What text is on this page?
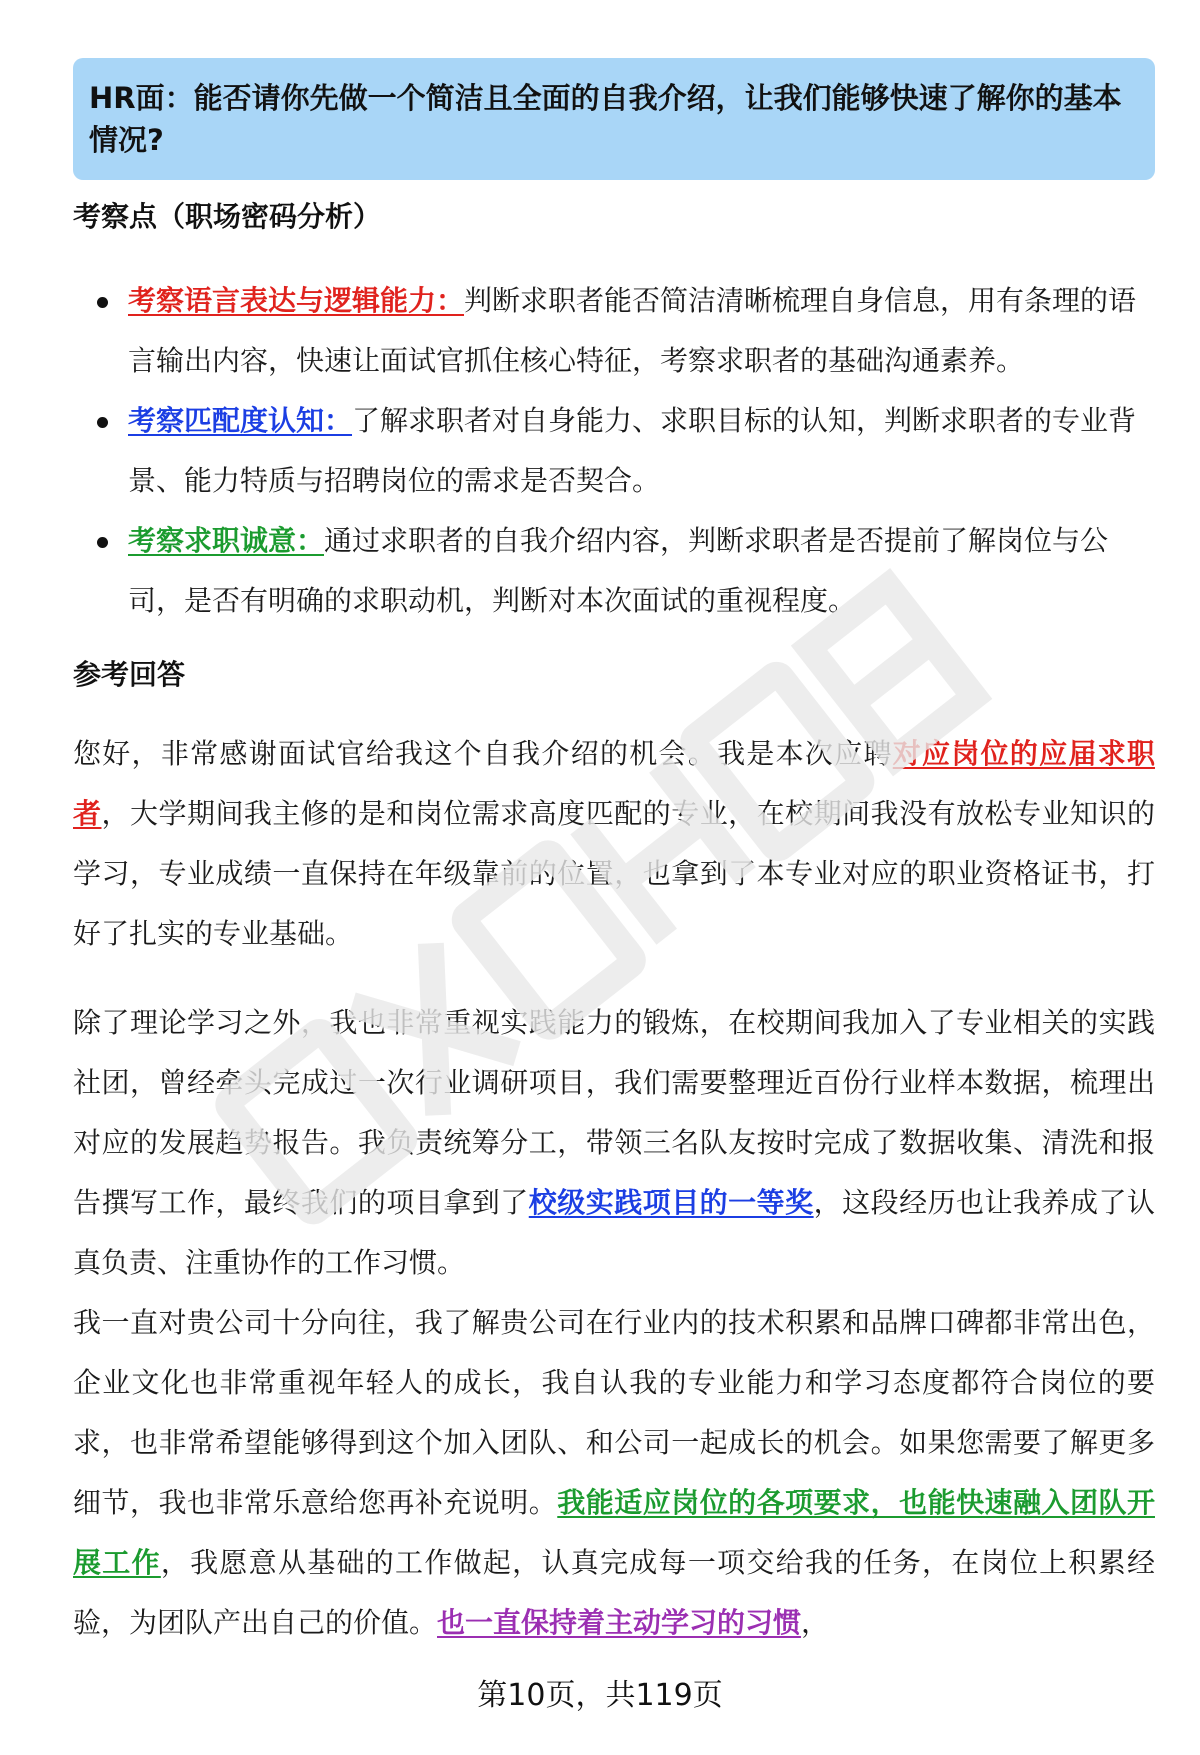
HR面：能否请你先做一个简洁且全面的自我介绍，让我们能够快速了解你的基本情况?
考察点（职场密码分析）
考察语言表达与逻辑能力：判断求职者能否简洁清晰梳理自身信息，用有条理的语言输出内容，快速让面试官抓住核心特征，考察求职者的基础沟通素养。
考察匹配度认知：了解求职者对自身能力、求职目标的认知，判断求职者的专业背景、能力特质与招聘岗位的需求是否契合。
考察求职诚意：通过求职者的自我介绍内容，判断求职者是否提前了解岗位与公司，是否有明确的求职动机，判断对本次面试的重视程度。
参考回答

您好，非常感谢面试官给我这个自我介绍的机会。我是本次应聘对应岗位的应届求职者，大学期间我主修的是和岗位需求高度匹配的专业，在校期间我没有放松专业知识的学习，专业成绩一直保持在年级靠前的位置，也拿到了本专业对应的职业资格证书，打好了扎实的专业基础。

除了理论学习之外，我也非常重视实践能力的锻炼，在校期间我加入了专业相关的实践社团，曾经牵头完成过一次行业调研项目，我们需要整理近百份行业样本数据，梳理出对应的发展趋势报告。我负责统筹分工，带领三名队友按时完成了数据收集、清洗和报告撰写工作，最终我们的项目拿到了校级实践项目的一等奖，这段经历也让我养成了认真负责、注重协作的工作习惯。

我一直对贵公司十分向往，我了解贵公司在行业内的技术积累和品牌口碑都非常出色，企业文化也非常重视年轻人的成长，我自认我的专业能力和学习态度都符合岗位的要求，也非常希望能够得到这个加入团队、和公司一起成长的机会。如果您需要了解更多细节，我也非常乐意给您再补充说明。我能适应岗位的各项要求，也能快速融入团队开展工作，我愿意从基础的工作做起，认真完成每一项交给我的任务，在岗位上积累经验，为团队产出自己的价值。也一直保持着主动学习的习惯，

第10页，共119页
